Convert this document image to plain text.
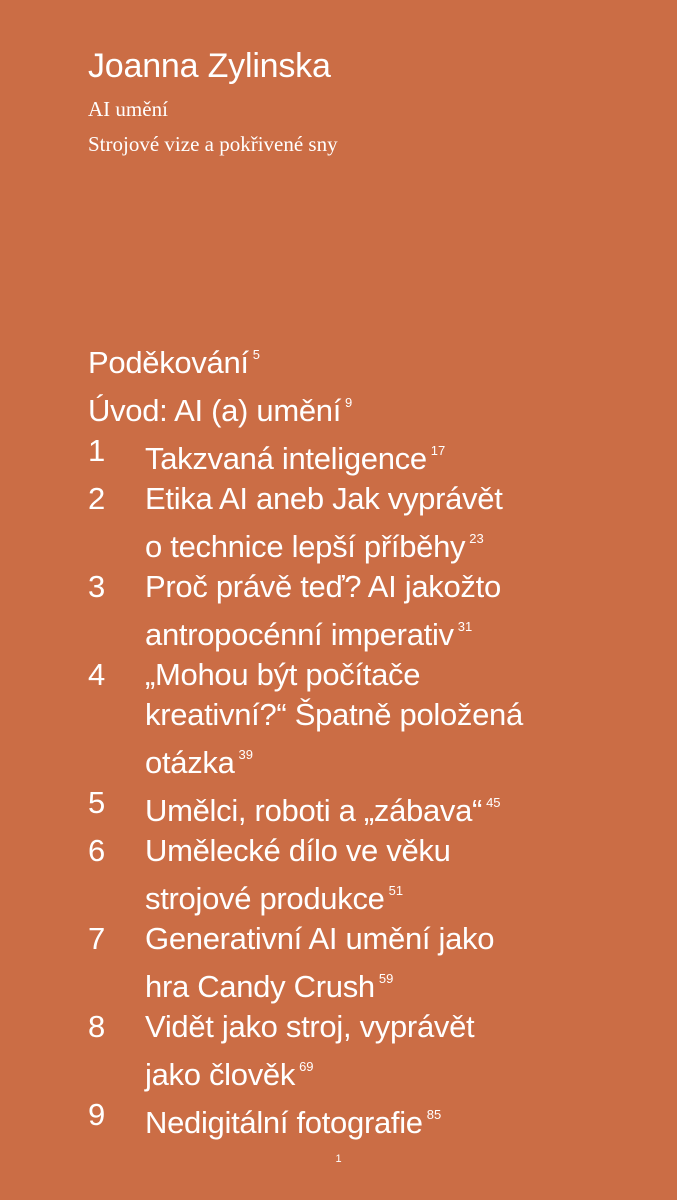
Joanna Zylinska
AI umění
Strojové vize a pokřivené sny
Poděkování $^5$
Úvod: AI (a) umění $^9$
1 Takzvaná inteligence $^{17}$
2 Etika AI aneb Jak vyprávět
o technice lepší příběhy $^{23}$
3 Proč právě teď? AI jakožto
antropocénní imperativ $^{31}$
4 „Mohou být počítače
kreativní?“ Špatně položená
otázka $^{39}$
5 Umělci, roboti a „zábava“ $^{45}$
6 Umělecké dílo ve věku
strojové produkce $^{51}$
7 Generativní AI umění jako
hra Candy Crush $^{59}$
8 Vidět jako stroj, vyprávět
jako člověk $^{69}$
9 Nedigitální fotografie $^{85}$
1
